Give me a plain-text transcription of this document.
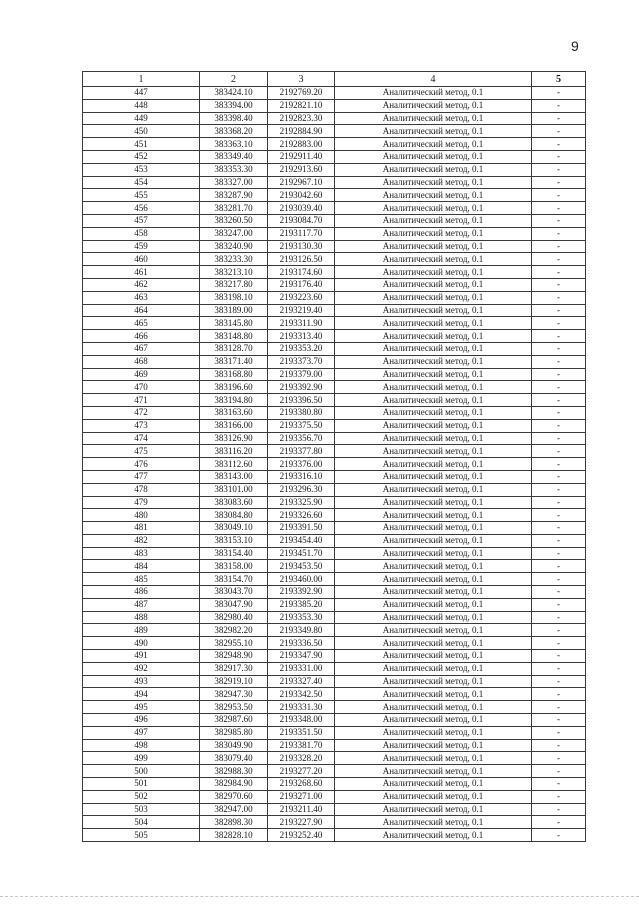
9
1	2	3	4	5
447	383424.10	2192769.20	Аналитический метод, 0.1	-
448	383394.00	2192821.10	Аналитический метод, 0.1	-
449	383398.40	2192823.30	Аналитический метод, 0.1	-
450	383368.20	2192884.90	Аналитический метод, 0.1	-
451	383363.10	2192883.00	Аналитический метод, 0.1	-
452	383349.40	2192911.40	Аналитический метод, 0.1	-
453	383353.30	2192913.60	Аналитический метод, 0.1	-
454	383327.00	2192967.10	Аналитический метод, 0.1	-
455	383287.90	2193042.60	Аналитический метод, 0.1	-
456	383281.70	2193039.40	Аналитический метод, 0.1	-
457	383260.50	2193084.70	Аналитический метод, 0.1	-
458	383247.00	2193117.70	Аналитический метод, 0.1	-
459	383240.90	2193130.30	Аналитический метод, 0.1	-
460	383233.30	2193126.50	Аналитический метод, 0.1	-
461	383213.10	2193174.60	Аналитический метод, 0.1	-
462	383217.80	2193176.40	Аналитический метод, 0.1	-
463	383198.10	2193223.60	Аналитический метод, 0.1	-
464	383189.00	2193219.40	Аналитический метод, 0.1	-
465	383145.80	2193311.90	Аналитический метод, 0.1	-
466	383148.80	2193313.40	Аналитический метод, 0.1	-
467	383128.70	2193353.20	Аналитический метод, 0.1	-
468	383171.40	2193373.70	Аналитический метод, 0.1	-
469	383168.80	2193379.00	Аналитический метод, 0.1	-
470	383196.60	2193392.90	Аналитический метод, 0.1	-
471	383194.80	2193396.50	Аналитический метод, 0.1	-
472	383163.60	2193380.80	Аналитический метод, 0.1	-
473	383166.00	2193375.50	Аналитический метод, 0.1	-
474	383126.90	2193356.70	Аналитический метод, 0.1	-
475	383116.20	2193377.80	Аналитический метод, 0.1	-
476	383112.60	2193376.00	Аналитический метод, 0.1	-
477	383143.00	2193316.10	Аналитический метод, 0.1	-
478	383101.00	2193296.30	Аналитический метод, 0.1	-
479	383083.60	2193325.90	Аналитический метод, 0.1	-
480	383084.80	2193326.60	Аналитический метод, 0.1	-
481	383049.10	2193391.50	Аналитический метод, 0.1	-
482	383153.10	2193454.40	Аналитический метод, 0.1	-
483	383154.40	2193451.70	Аналитический метод, 0.1	-
484	383158.00	2193453.50	Аналитический метод, 0.1	-
485	383154.70	2193460.00	Аналитический метод, 0.1	-
486	383043.70	2193392.90	Аналитический метод, 0.1	-
487	383047.90	2193385.20	Аналитический метод, 0.1	-
488	382980.40	2193353.30	Аналитический метод, 0.1	-
489	382982.20	2193349.80	Аналитический метод, 0.1	-
490	382955.10	2193336.50	Аналитический метод, 0.1	-
491	382948.90	2193347.90	Аналитический метод, 0.1	-
492	382917.30	2193331.00	Аналитический метод, 0.1	-
493	382919.10	2193327.40	Аналитический метод, 0.1	-
494	382947.30	2193342.50	Аналитический метод, 0.1	-
495	382953.50	2193331.30	Аналитический метод, 0.1	-
496	382987.60	2193348.00	Аналитический метод, 0.1	-
497	382985.80	2193351.50	Аналитический метод, 0.1	-
498	383049.90	2193381.70	Аналитический метод, 0.1	-
499	383079.40	2193328.20	Аналитический метод, 0.1	-
500	382988.30	2193277.20	Аналитический метод, 0.1	-
501	382984.90	2193268.60	Аналитический метод, 0.1	-
502	382970.60	2193271.00	Аналитический метод, 0.1	-
503	382947.00	2193211.40	Аналитический метод, 0.1	-
504	382898.30	2193227.90	Аналитический метод, 0.1	-
505	382828.10	2193252.40	Аналитический метод, 0.1	-
